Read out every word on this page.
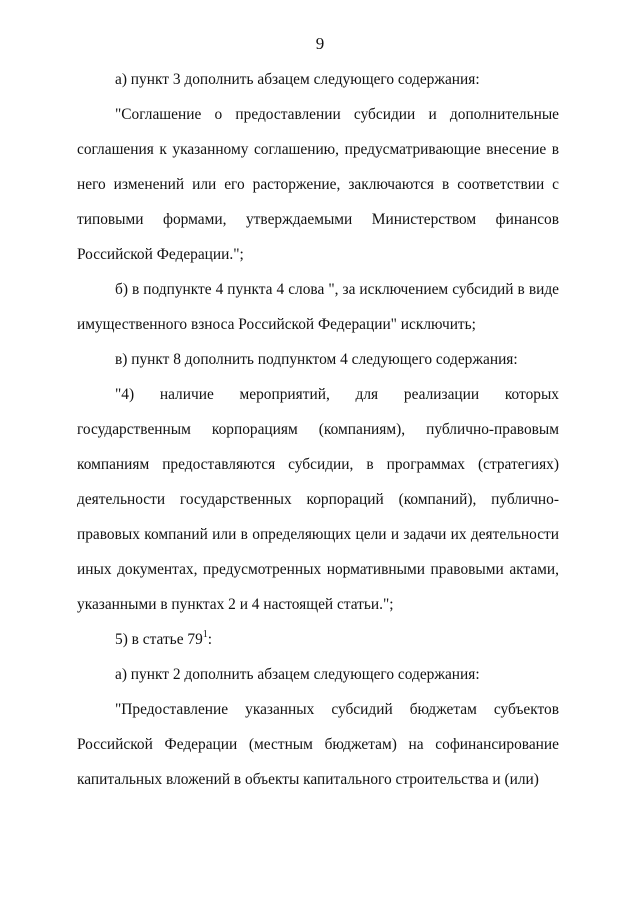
9

а) пункт 3 дополнить абзацем следующего содержания:

"Соглашение о предоставлении субсидии и дополнительные соглашения к указанному соглашению, предусматривающие внесение в него изменений или его расторжение, заключаются в соответствии с типовыми формами, утверждаемыми Министерством финансов Российской Федерации.";

б) в подпункте 4 пункта 4 слова ", за исключением субсидий в виде имущественного взноса Российской Федерации" исключить;

в) пункт 8 дополнить подпунктом 4 следующего содержания:

"4) наличие мероприятий, для реализации которых государственным корпорациям (компаниям), публично-правовым компаниям предоставляются субсидии, в программах (стратегиях) деятельности государственных корпораций (компаний), публично-правовых компаний или в определяющих цели и задачи их деятельности иных документах, предусмотренных нормативными правовыми актами, указанными в пунктах 2 и 4 настоящей статьи.";

5) в статье $79^1$:

а) пункт 2 дополнить абзацем следующего содержания:

"Предоставление указанных субсидий бюджетам субъектов Российской Федерации (местным бюджетам) на софинансирование капитальных вложений в объекты капитального строительства и (или)
